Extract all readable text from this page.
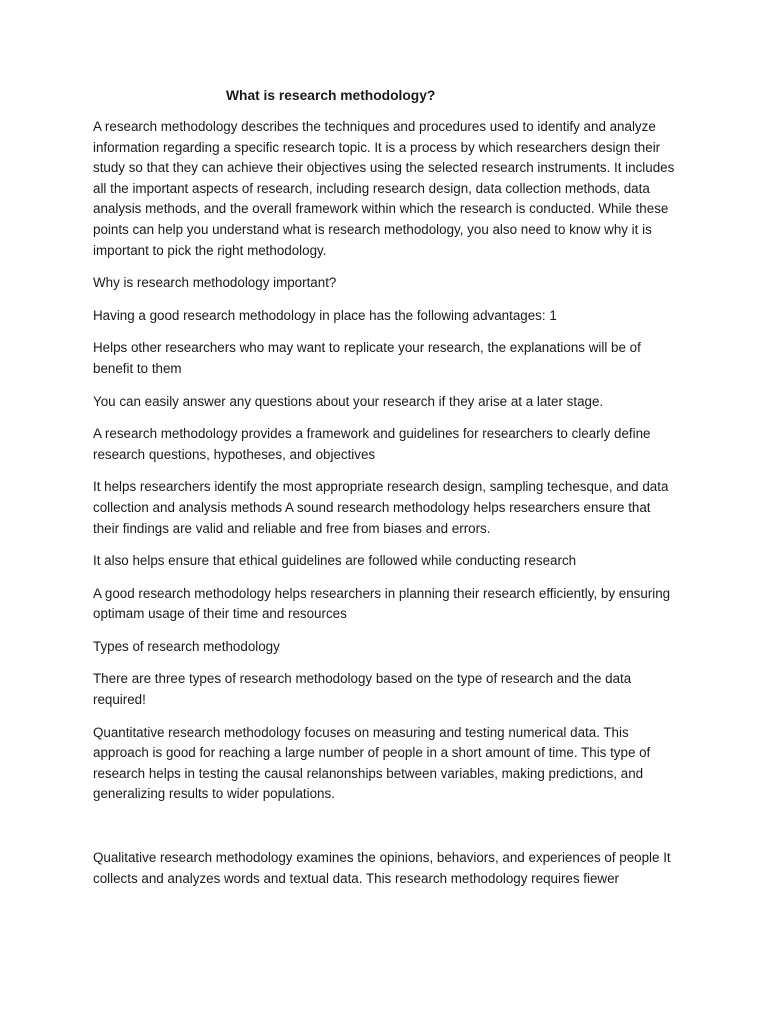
What is research methodology?

A research methodology describes the techniques and procedures used to identify and analyze information regarding a specific research topic. It is a process by which researchers design their study so that they can achieve their objectives using the selected research instruments. It includes all the important aspects of research, including research design, data collection methods, data analysis methods, and the overall framework within which the research is conducted. While these points can help you understand what is research methodology, you also need to know why it is important to pick the right methodology.

Why is research methodology important?

Having a good research methodology in place has the following advantages: 1

Helps other researchers who may want to replicate your research, the explanations will be of benefit to them

You can easily answer any questions about your research if they arise at a later stage.

A research methodology provides a framework and guidelines for researchers to clearly define research questions, hypotheses, and objectives

It helps researchers identify the most appropriate research design, sampling techesque, and data collection and analysis methods A sound research methodology helps researchers ensure that their findings are valid and reliable and free from biases and errors.

It also helps ensure that ethical guidelines are followed while conducting research

A good research methodology helps researchers in planning their research efficiently, by ensuring optimam usage of their time and resources

Types of research methodology

There are three types of research methodology based on the type of research and the data required!

Quantitative research methodology focuses on measuring and testing numerical data. This approach is good for reaching a large number of people in a short amount of time. This type of research helps in testing the causal relanonships between variables, making predictions, and generalizing results to wider populations.

Qualitative research methodology examines the opinions, behaviors, and experiences of people It collects and analyzes words and textual data. This research methodology requires fiewer
